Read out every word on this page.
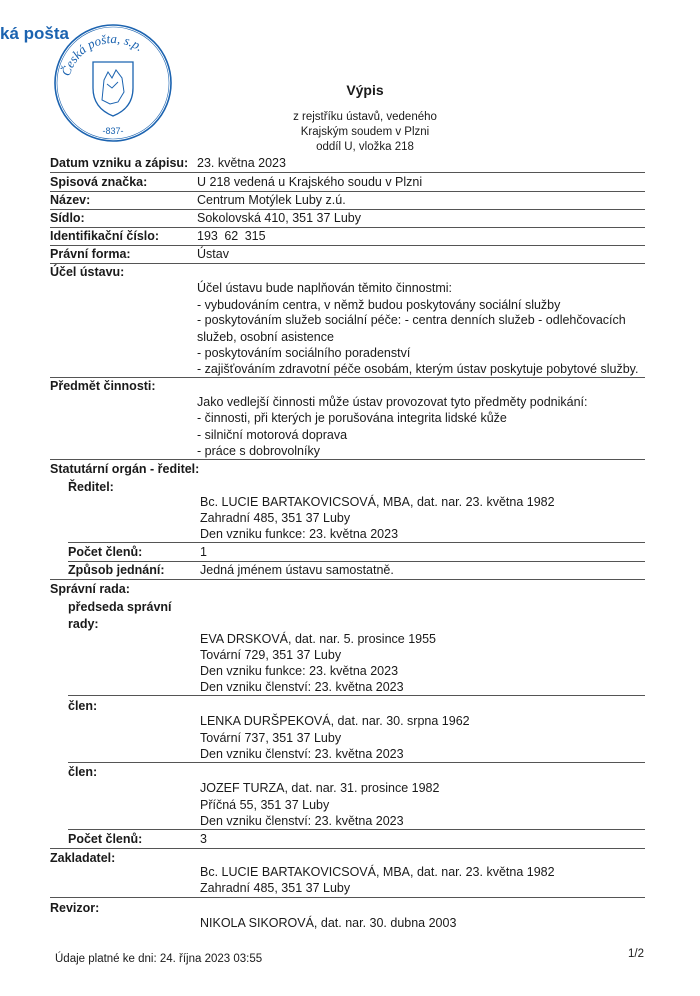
ká pošta
Česká pošta, s.p.
-837-
Výpis
z rejstříku ústavů, vedeného
Krajským soudem v Plzni
oddíl U, vložka 218
Datum vzniku a zápisu: 23. května 2023
Spisová značka:	U 218 vedená u Krajského soudu v Plzni
Název:	Centrum Motýlek Luby z.ú.
Sídlo:	Sokolovská 410, 351 37 Luby
Identifikační číslo:	193 62 315
Právní forma:	Ústav
Účel ústavu:
Účel ústavu bude naplňován těmito činnostmi:
- vybudováním centra, v němž budou poskytovány sociální služby
- poskytováním služeb sociální péče: - centra denních služeb - odlehčovacích
služeb, osobní asistence
- poskytováním sociálního poradenství
- zajišťováním zdravotní péče osobám, kterým ústav poskytuje pobytové služby.
Předmět činnosti:
Jako vedlejší činnosti může ústav provozovat tyto předměty podnikání:
- činnosti, při kterých je porušována integrita lidské kůže
- silniční motorová doprava
- práce s dobrovolníky
Statutární orgán - ředitel:
Ředitel:
Bc. LUCIE BARTAKOVICSOVÁ, MBA, dat. nar. 23. května 1982
Zahradní 485, 351 37 Luby
Den vzniku funkce: 23. května 2023
Počet členů:	1
Způsob jednání:	Jedná jménem ústavu samostatně.
Správní rada:
předseda správní
rady:
EVA DRSKOVÁ, dat. nar. 5. prosince 1955
Tovární 729, 351 37 Luby
Den vzniku funkce: 23. května 2023
Den vzniku členství: 23. května 2023
člen:
LENKA DURŠPEKOVÁ, dat. nar. 30. srpna 1962
Tovární 737, 351 37 Luby
Den vzniku členství: 23. května 2023
člen:
JOZEF TURZA, dat. nar. 31. prosince 1982
Příčná 55, 351 37 Luby
Den vzniku členství: 23. května 2023
Počet členů:	3
Zakladatel:
Bc. LUCIE BARTAKOVICSOVÁ, MBA, dat. nar. 23. května 1982
Zahradní 485, 351 37 Luby
Revizor:
NIKOLA SIKOROVÁ, dat. nar. 30. dubna 2003
Údaje platné ke dni: 24. října 2023 03:55	1/2
